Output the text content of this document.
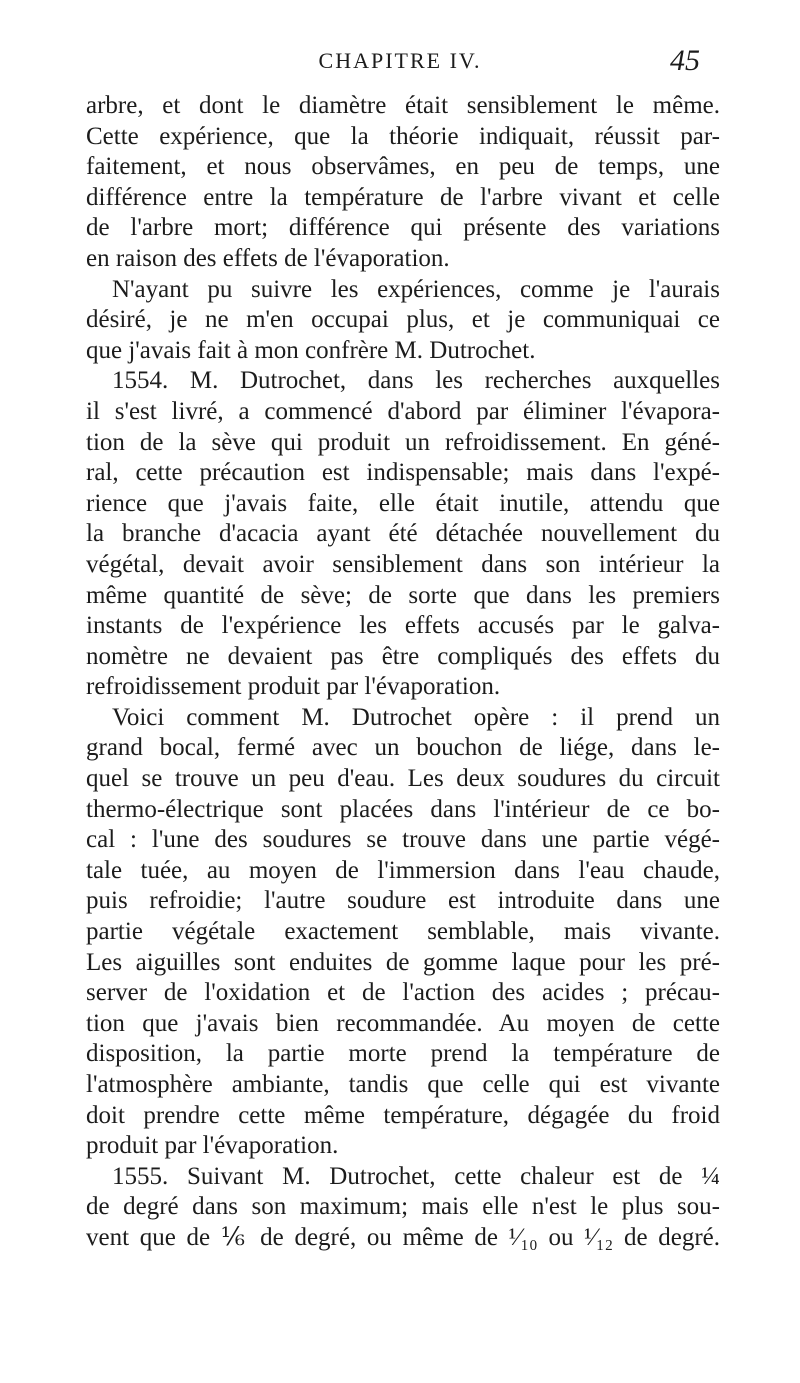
CHAPITRE IV.	45
arbre, et dont le diamètre était sensiblement le même.
Cette expérience, que la théorie indiquait, réussit par-
faitement, et nous observâmes, en peu de temps, une
différence entre la température de l'arbre vivant et celle
de l'arbre mort; différence qui présente des variations
en raison des effets de l'évaporation.
N'ayant pu suivre les expériences, comme je l'aurais
désiré, je ne m'en occupai plus, et je communiquai ce
que j'avais fait à mon confrère M. Dutrochet.
1554. M. Dutrochet, dans les recherches auxquelles
il s'est livré, a commencé d'abord par éliminer l'évapora-
tion de la sève qui produit un refroidissement. En géné-
ral, cette précaution est indispensable; mais dans l'expé-
rience que j'avais faite, elle était inutile, attendu que
la branche d'acacia ayant été détachée nouvellement du
végétal, devait avoir sensiblement dans son intérieur la
même quantité de sève; de sorte que dans les premiers
instants de l'expérience les effets accusés par le galva-
nomètre ne devaient pas être compliqués des effets du
refroidissement produit par l'évaporation.
Voici comment M. Dutrochet opère : il prend un
grand bocal, fermé avec un bouchon de liége, dans le-
quel se trouve un peu d'eau. Les deux soudures du circuit
thermo-électrique sont placées dans l'intérieur de ce bo-
cal : l'une des soudures se trouve dans une partie végé-
tale tuée, au moyen de l'immersion dans l'eau chaude,
puis refroidie; l'autre soudure est introduite dans une
partie végétale exactement semblable, mais vivante.
Les aiguilles sont enduites de gomme laque pour les pré-
server de l'oxidation et de l'action des acides ; précau-
tion que j'avais bien recommandée. Au moyen de cette
disposition, la partie morte prend la température de
l'atmosphère ambiante, tandis que celle qui est vivante
doit prendre cette même température, dégagée du froid
produit par l'évaporation.
1555. Suivant M. Dutrochet, cette chaleur est de ¼
de degré dans son maximum; mais elle n'est le plus sou-
vent que de ⅙ de degré, ou même de ¹⁄₁₀ ou ¹⁄₁₂ de degré.
